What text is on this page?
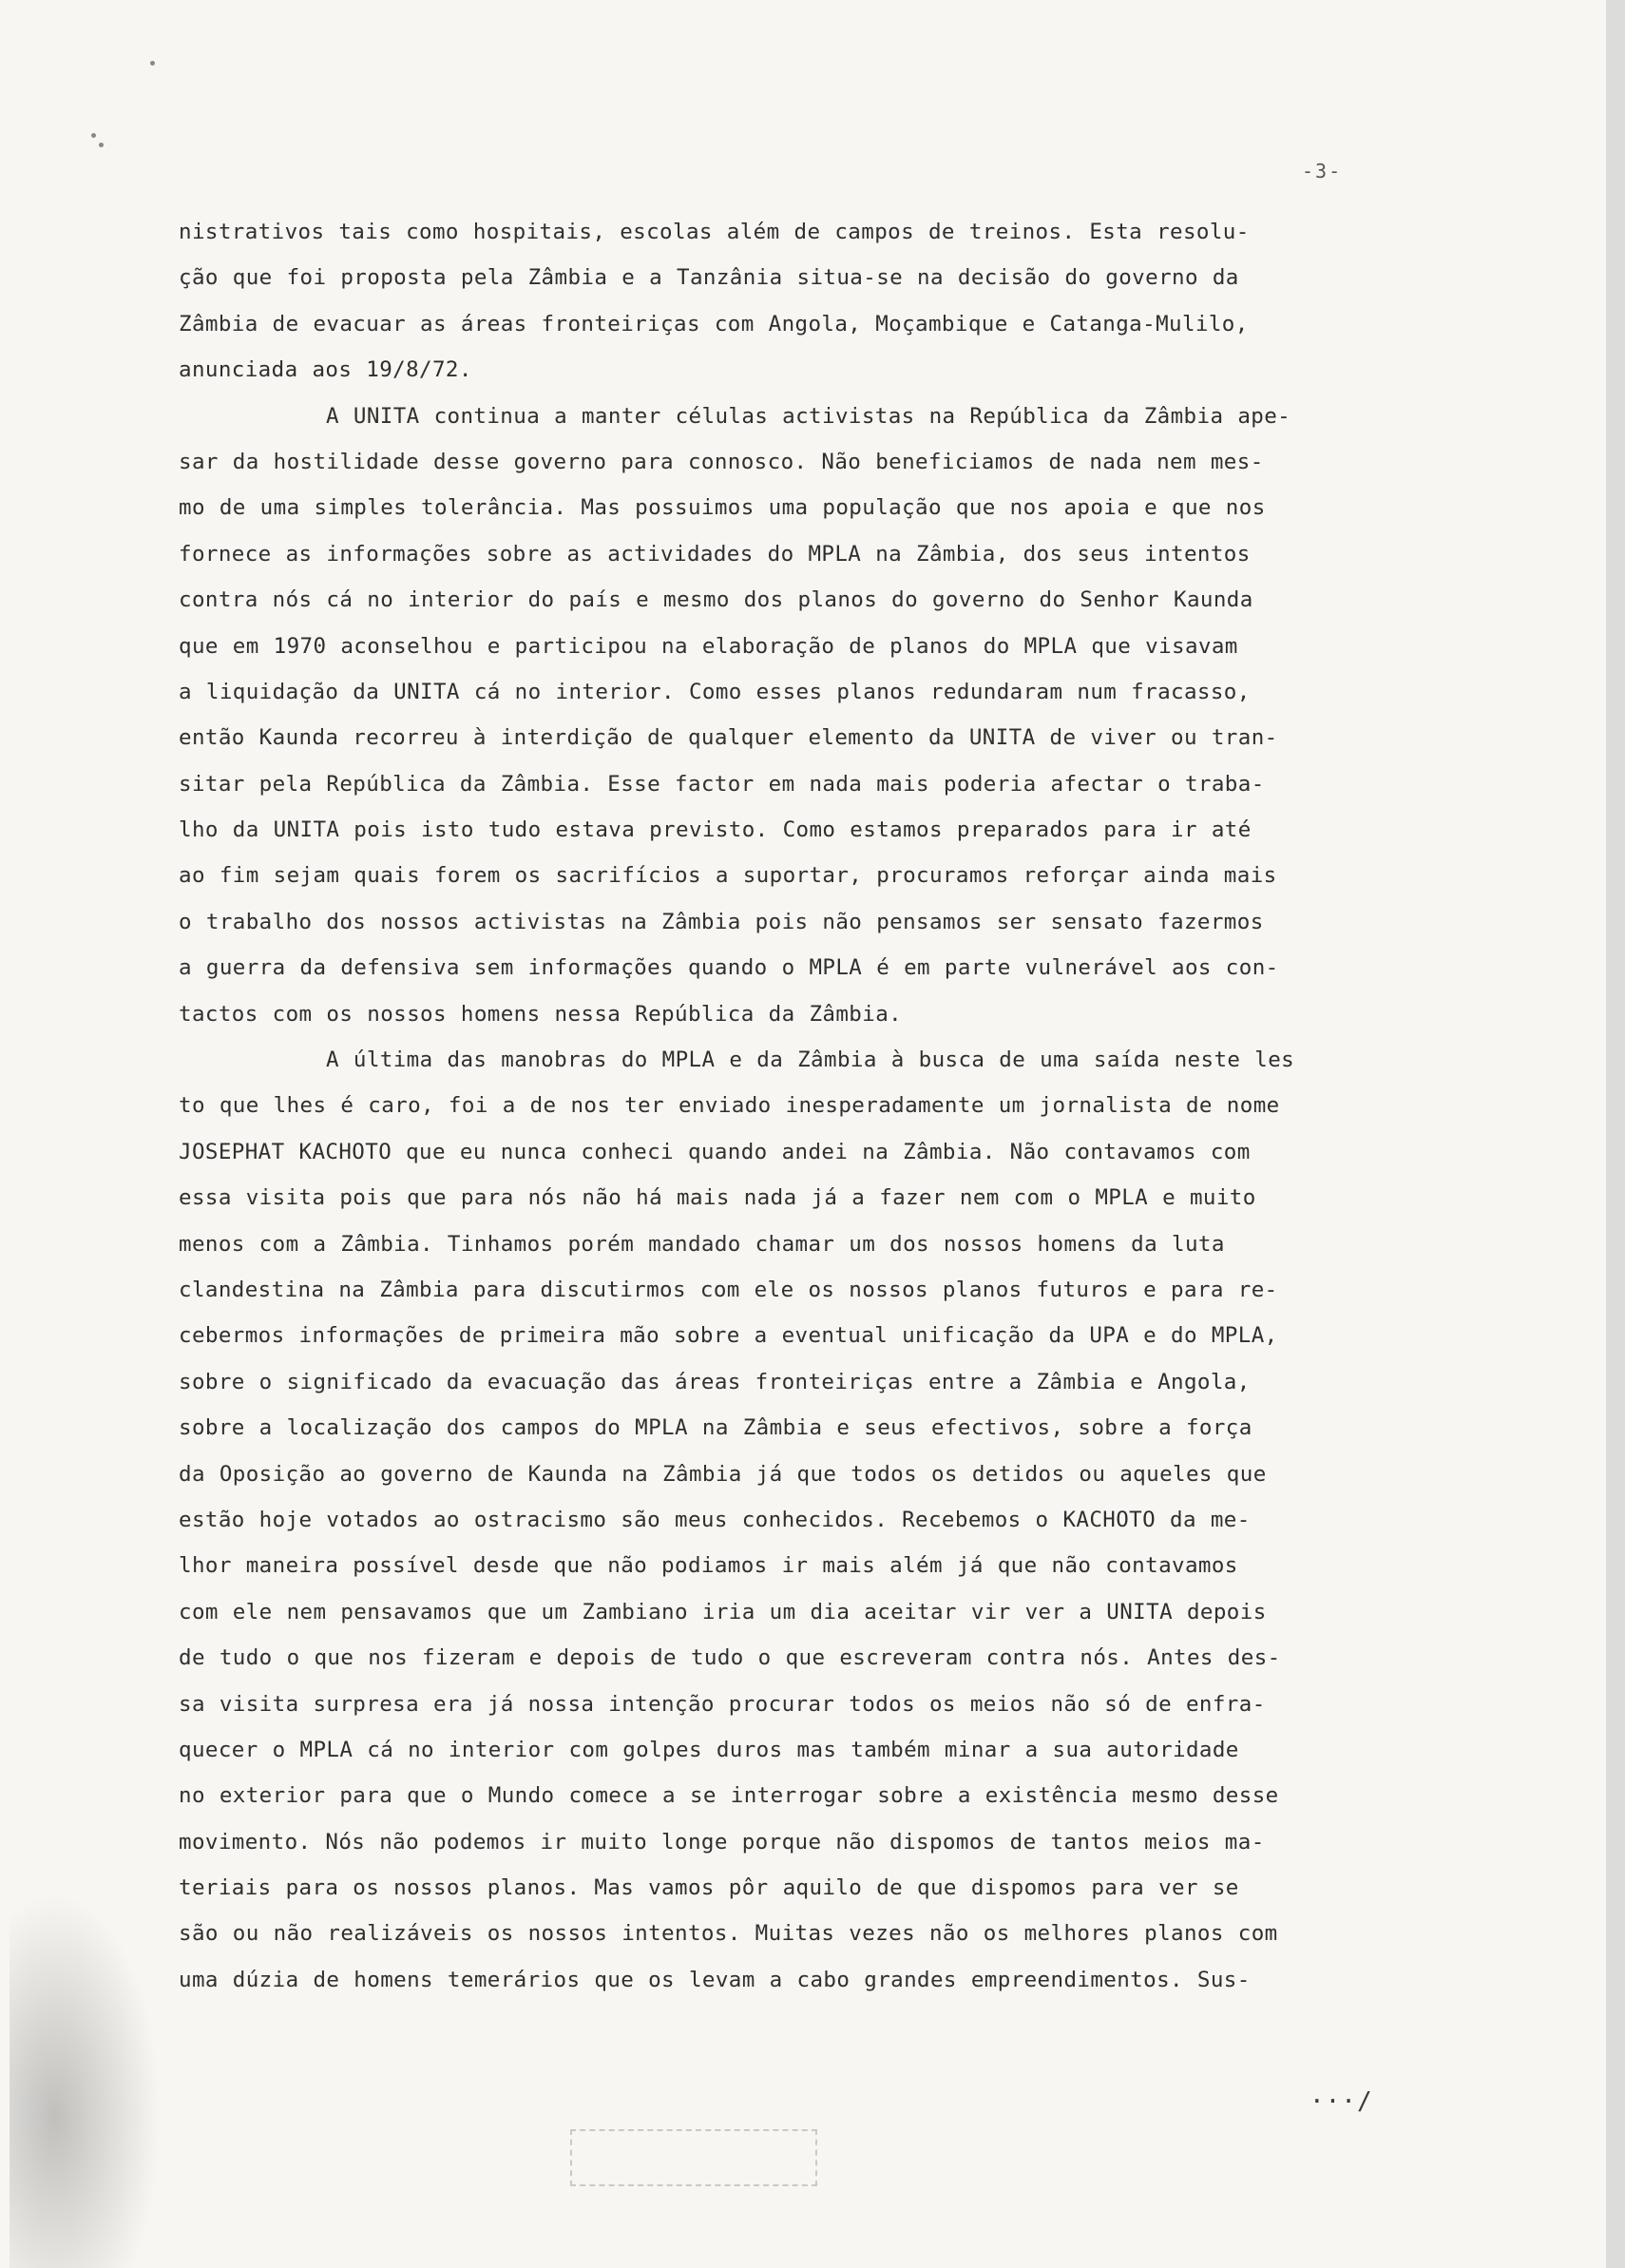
-3-
nistrativos tais como hospitais, escolas além de campos de treinos. Esta resolu-
ção que foi proposta pela Zâmbia e a Tanzânia situa-se na decisão do governo da
Zâmbia de evacuar as áreas fronteiriças com Angola, Moçambique e Catanga-Mulilo,
anunciada aos 19/8/72.
A UNITA continua a manter células activistas na República da Zâmbia ape-
sar da hostilidade desse governo para connosco. Não beneficiamos de nada nem mes-
mo de uma simples tolerância. Mas possuimos uma população que nos apoia e que nos
fornece as informações sobre as actividades do MPLA na Zâmbia, dos seus intentos
contra nós cá no interior do país e mesmo dos planos do governo do Senhor Kaunda
que em 1970 aconselhou e participou na elaboração de planos do MPLA que visavam
a liquidação da UNITA cá no interior. Como esses planos redundaram num fracasso,
então Kaunda recorreu à interdição de qualquer elemento da UNITA de viver ou tran-
sitar pela República da Zâmbia. Esse factor em nada mais poderia afectar o traba-
lho da UNITA pois isto tudo estava previsto. Como estamos preparados para ir até
ao fim sejam quais forem os sacrifícios a suportar, procuramos reforçar ainda mais
o trabalho dos nossos activistas na Zâmbia pois não pensamos ser sensato fazermos
a guerra da defensiva sem informações quando o MPLA é em parte vulnerável aos con-
tactos com os nossos homens nessa República da Zâmbia.
A última das manobras do MPLA e da Zâmbia à busca de uma saída neste les
to que lhes é caro, foi a de nos ter enviado inesperadamente um jornalista de nome
JOSEPHAT KACHOTO que eu nunca conheci quando andei na Zâmbia. Não contavamos com
essa visita pois que para nós não há mais nada já a fazer nem com o MPLA e muito
menos com a Zâmbia. Tinhamos porém mandado chamar um dos nossos homens da luta
clandestina na Zâmbia para discutirmos com ele os nossos planos futuros e para re-
cebermos informações de primeira mão sobre a eventual unificação da UPA e do MPLA,
sobre o significado da evacuação das áreas fronteiriças entre a Zâmbia e Angola,
sobre a localização dos campos do MPLA na Zâmbia e seus efectivos, sobre a força
da Oposição ao governo de Kaunda na Zâmbia já que todos os detidos ou aqueles que
estão hoje votados ao ostracismo são meus conhecidos. Recebemos o KACHOTO da me-
lhor maneira possível desde que não podiamos ir mais além já que não contavamos
com ele nem pensavamos que um Zambiano iria um dia aceitar vir ver a UNITA depois
de tudo o que nos fizeram e depois de tudo o que escreveram contra nós. Antes des-
sa visita surpresa era já nossa intenção procurar todos os meios não só de enfra-
quecer o MPLA cá no interior com golpes duros mas também minar a sua autoridade
no exterior para que o Mundo comece a se interrogar sobre a existência mesmo desse
movimento. Nós não podemos ir muito longe porque não dispomos de tantos meios ma-
teriais para os nossos planos. Mas vamos pôr aquilo de que dispomos para ver se
são ou não realizáveis os nossos intentos. Muitas vezes não os melhores planos com
uma dúzia de homens temerários que os levam a cabo grandes empreendimentos. Sus-
···/
